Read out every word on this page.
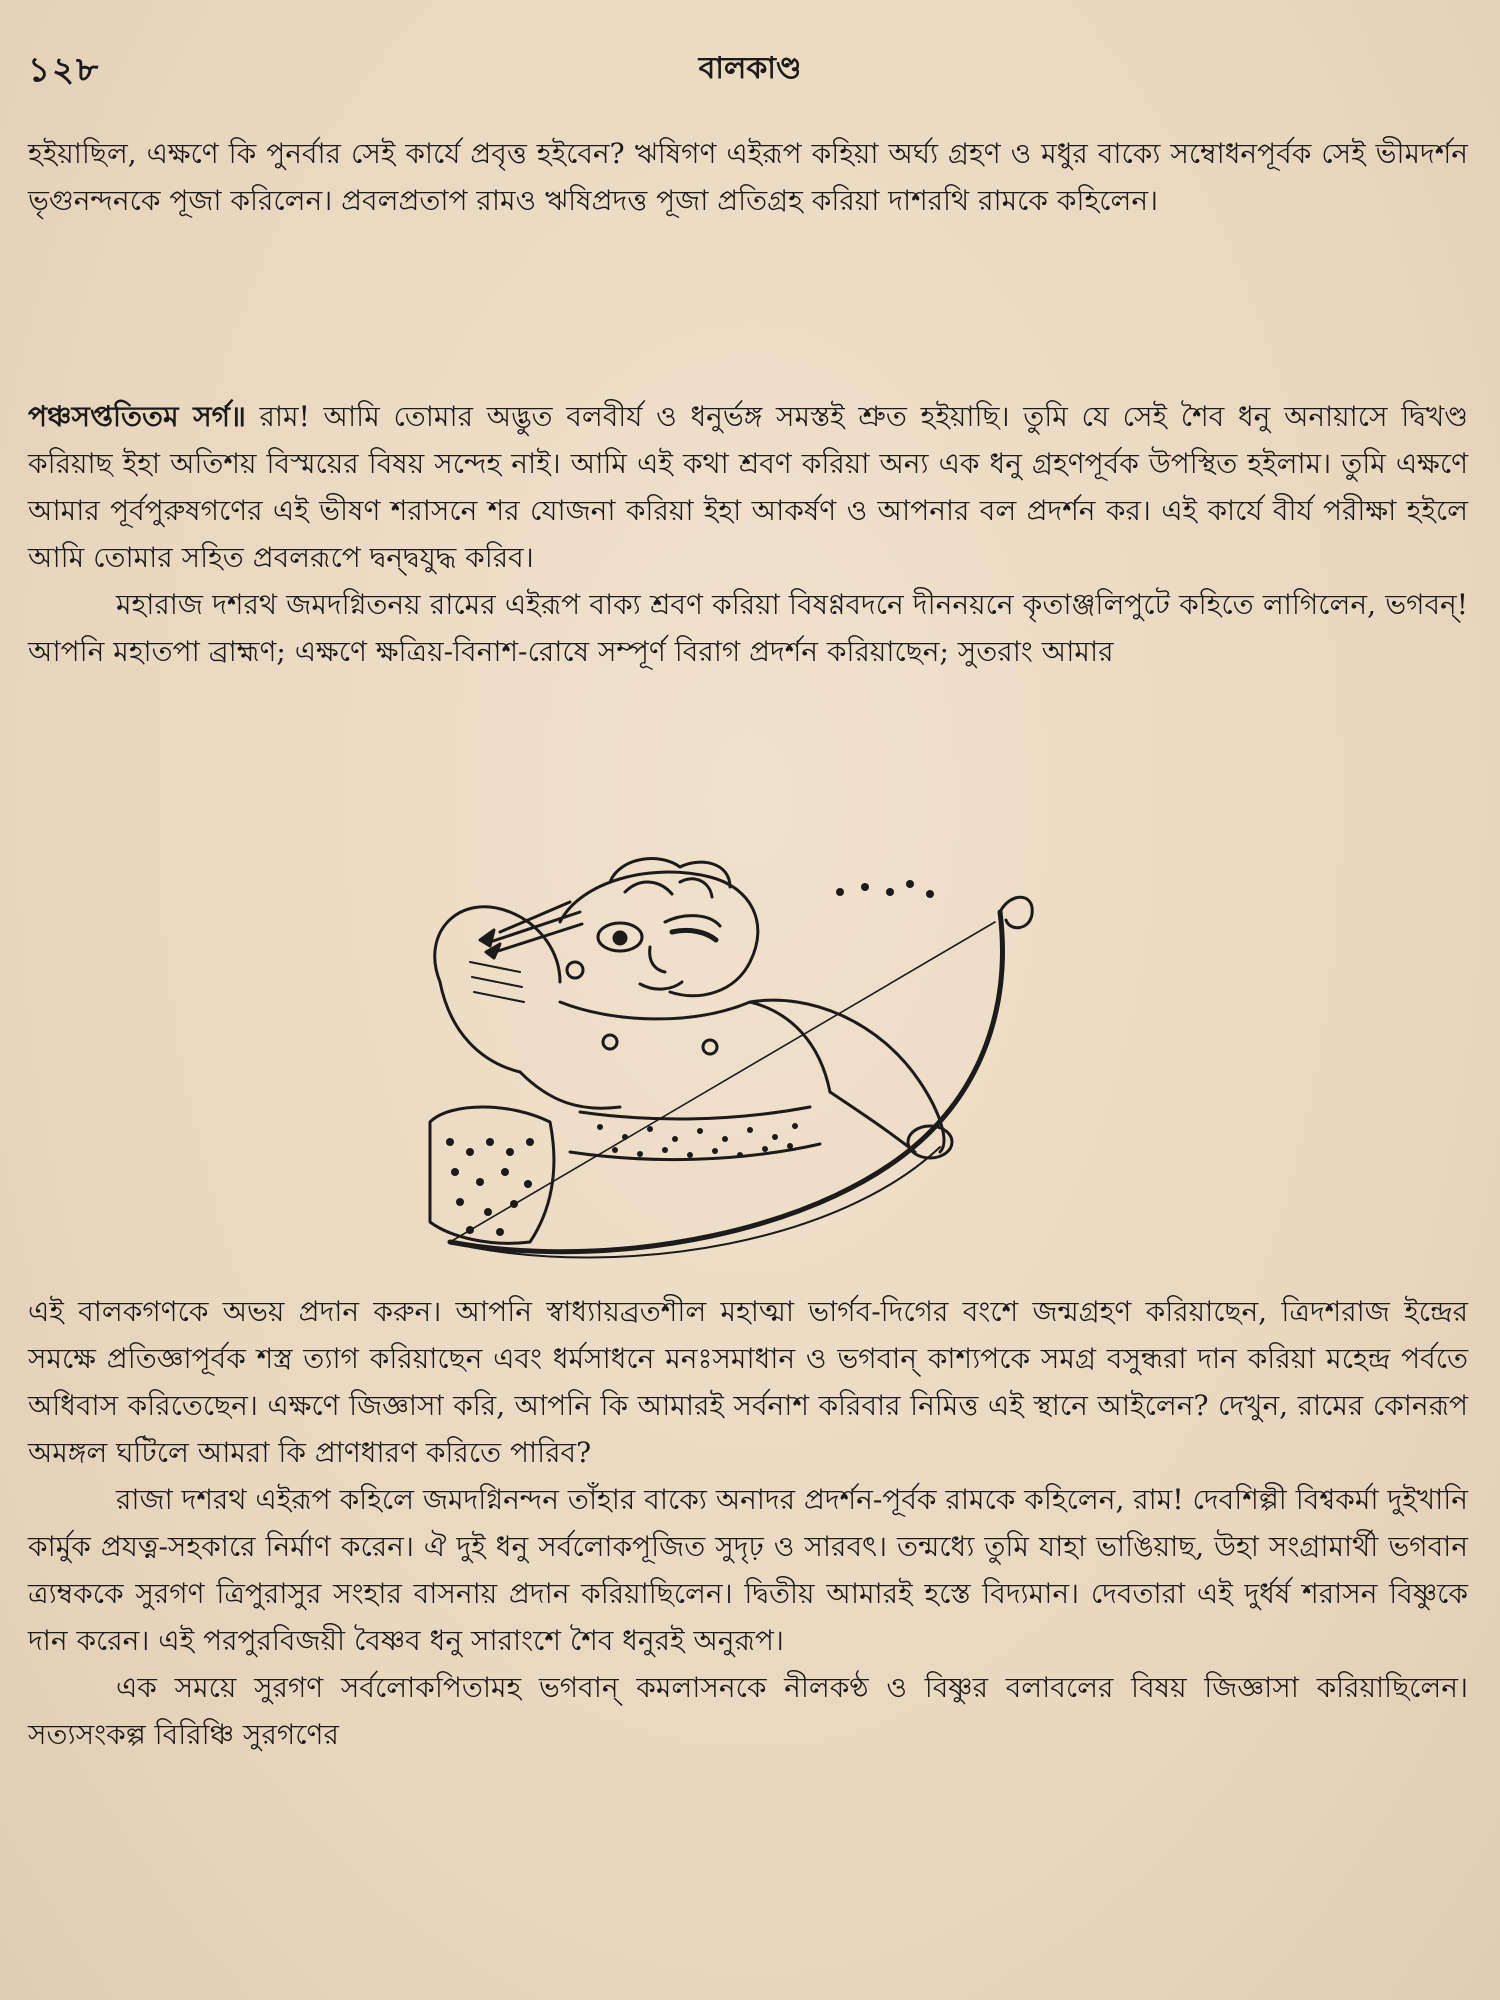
১২৮	বালকাণ্ড

হইয়াছিল, এক্ষণে কি পুনর্বার সেই কার্যে প্রবৃত্ত হইবেন? ঋষিগণ এইরূপ কহিয়া অর্ঘ্য গ্রহণ ও মধুর বাক্যে সম্বোধনপূর্বক সেই ভীমদর্শন ভৃগুনন্দনকে পূজা করিলেন। প্রবলপ্রতাপ রামও ঋষিপ্রদত্ত পূজা প্রতিগ্রহ করিয়া দাশরথি রামকে কহিলেন।

পঞ্চসপ্ততিতম সর্গ॥ রাম! আমি তোমার অদ্ভুত বলবীর্য ও ধনুর্ভঙ্গ সমস্তই শ্রুত হইয়াছি। তুমি যে সেই শৈব ধনু অনায়াসে দ্বিখণ্ড করিয়াছ ইহা অতিশয় বিস্ময়ের বিষয় সন্দেহ নাই। আমি এই কথা শ্রবণ করিয়া অন্য এক ধনু গ্রহণপূর্বক উপস্থিত হইলাম। তুমি এক্ষণে আমার পূর্বপুরুষগণের এই ভীষণ শরাসনে শর যোজনা করিয়া ইহা আকর্ষণ ও আপনার বল প্রদর্শন কর। এই কার্যে বীর্য পরীক্ষা হইলে আমি তোমার সহিত প্রবলরূপে দ্বন্দ্বযুদ্ধ করিব।

মহারাজ দশরথ জমদগ্নিতনয় রামের এইরূপ বাক্য শ্রবণ করিয়া বিষণ্ণবদনে দীননয়নে কৃতাঞ্জলিপুটে কহিতে লাগিলেন, ভগবন্! আপনি মহাতপা ব্রাহ্মণ; এক্ষণে ক্ষত্রিয়-বিনাশ-রোষে সম্পূর্ণ বিরাগ প্রদর্শন করিয়াছেন; সুতরাং আমার

এই বালকগণকে অভয় প্রদান করুন। আপনি স্বাধ্যায়ব্রতশীল মহাত্মা ভার্গব-দিগের বংশে জন্মগ্রহণ করিয়াছেন, ত্রিদশরাজ ইন্দ্রের সমক্ষে প্রতিজ্ঞাপূর্বক শস্ত্র ত্যাগ করিয়াছেন এবং ধর্মসাধনে মনঃসমাধান ও ভগবান্ কাশ্যপকে সমগ্র বসুন্ধরা দান করিয়া মহেন্দ্র পর্বতে অধিবাস করিতেছেন। এক্ষণে জিজ্ঞাসা করি, আপনি কি আমারই সর্বনাশ করিবার নিমিত্ত এই স্থানে আইলেন? দেখুন, রামের কোনরূপ অমঙ্গল ঘটিলে আমরা কি প্রাণধারণ করিতে পারিব?

রাজা দশরথ এইরূপ কহিলে জমদগ্নিনন্দন তাঁহার বাক্যে অনাদর প্রদর্শন-পূর্বক রামকে কহিলেন, রাম! দেবশিল্পী বিশ্বকর্মা দুইখানি কার্মুক প্রযত্ন-সহকারে নির্মাণ করেন। ঐ দুই ধনু সর্বলোকপূজিত সুদৃঢ় ও সারবৎ। তন্মধ্যে তুমি যাহা ভাঙিয়াছ, উহা সংগ্রামার্থী ভগবান ত্র্যম্বককে সুরগণ ত্রিপুরাসুর সংহার বাসনায় প্রদান করিয়াছিলেন। দ্বিতীয় আমারই হস্তে বিদ্যমান। দেবতারা এই দুর্ধর্ষ শরাসন বিষ্ণুকে দান করেন। এই পরপুরবিজয়ী বৈষ্ণব ধনু সারাংশে শৈব ধনুরই অনুরূপ।

এক সময়ে সুরগণ সর্বলোকপিতামহ ভগবান্ কমলাসনকে নীলকণ্ঠ ও বিষ্ণুর বলাবলের বিষয় জিজ্ঞাসা করিয়াছিলেন। সত্যসংকল্প বিরিঞ্চি সুরগণের
